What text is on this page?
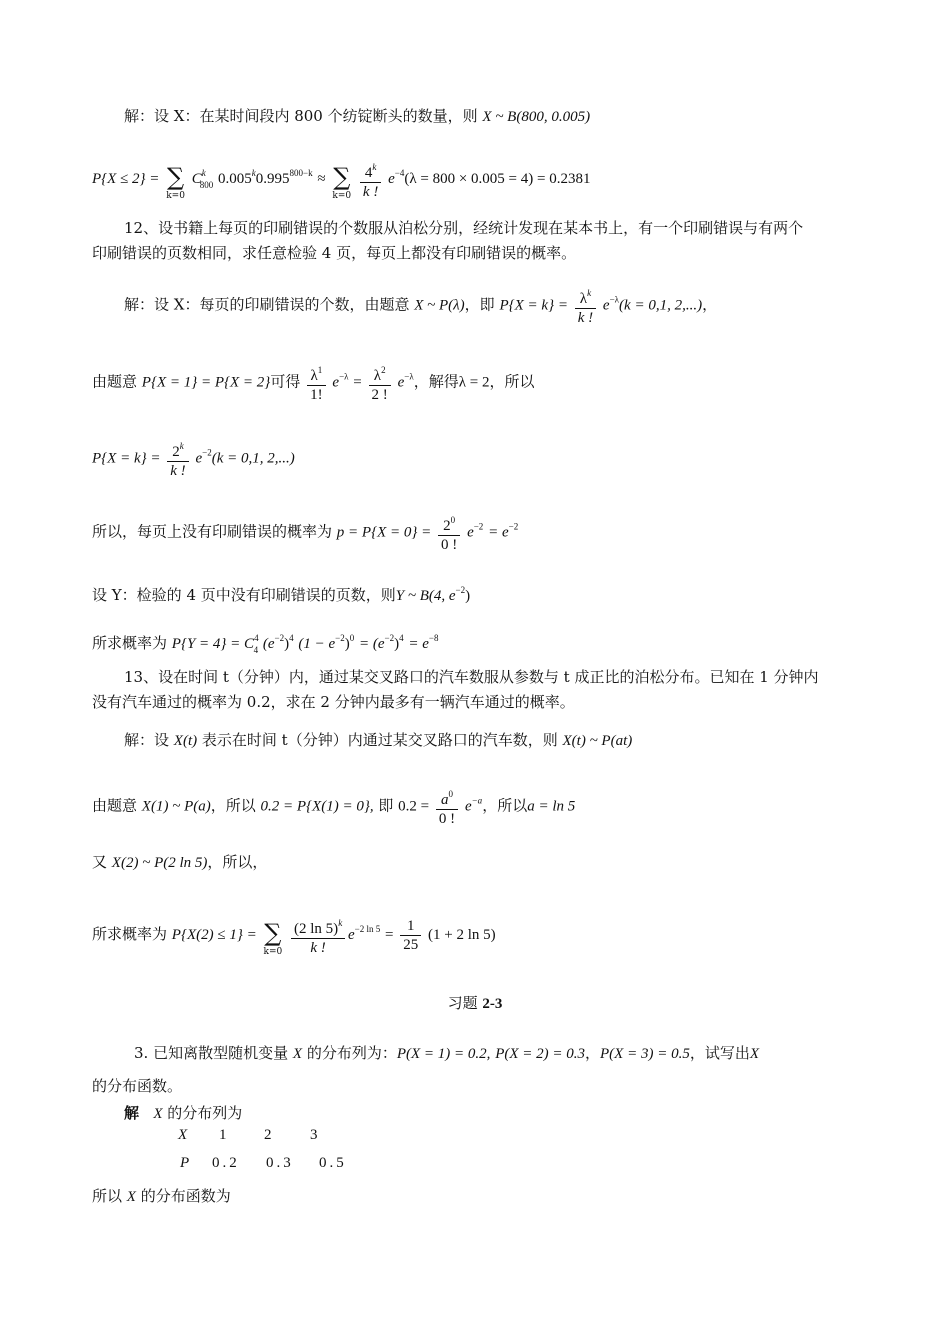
解：设 X：在某时间段内 800 个纺锭断头的数量，则 X ~ B(800, 0.005)
P{X ≤ 2} = ∑
k=0
$C^k_{800}$ $0.005^k0.995^{800-k}$ ≈ ∑
k=0
$\frac{4^k}{k !} e^{-4}(\lambda = 800 \times 0.005 = 4) = 0.2381$
12、设书籍上每页的印刷错误的个数服从泊松分别，经统计发现在某本书上，有一个印刷错误与有两个
印刷错误的页数相同，求任意检验 4 页，每页上都没有印刷错误的概率。
解：设 X：每页的印刷错误的个数，由题意 X ~ P(λ)，即 $P\{X = k\} = \frac{\lambda^k}{k !} e^{-\lambda}(k = 0,1$, 2,...)，
由题意 P{X = 1} = P{X = 2}可得 $\frac{\lambda^1}{1!} e^{-\lambda} = \frac{\lambda^2}{2 !} e^{-\lambda}$，解得λ = 2，所以
$P\{X = k\} = \frac{2^k}{k !} e^{-2}(k = 0,1$, 2,...)
所以，每页上没有印刷错误的概率为 $p = P\{X = 0\} = \frac{2^0}{0 !} e^{-2} = e^{-2}$
设 Y：检验的 4 页中没有印刷错误的页数，则Y ~ B(4, $e^{-2}$)
所求概率为 $P\{Y = 4\} = C^4_4$ $(e^{-2})^4$ $(1 - e^{-2})^0 = (e^{-2})^4 = e^{-8}$
13、设在时间 t（分钟）内，通过某交叉路口的汽车数服从参数与 t 成正比的泊松分布。已知在 1 分钟内
没有汽车通过的概率为 0.2，求在 2 分钟内最多有一辆汽车通过的概率。
解：设 X(t) 表示在时间 t（分钟）内通过某交叉路口的汽车数，则 X(t) ~ P(at)
由题意 X(1) ~ P(a)，所以 0.2 = P{X(1) = 0}, 即 $0.2 = \frac{a^0}{0 !} e^{-a}$，所以a = ln 5
又 X(2) ~ P(2 ln 5)，所以，
所求概率为 P{X(2) ≤ 1} = ∑
k=0
$\frac{(2 \ln 5)^k}{k !} e^{-2 ln 5} = \frac{1}{25} (1 + 2$ ln 5)
习题 2-3
3. 已知离散型随机变量 X 的分布列为：P(X = 1) = 0.2, P(X = 2) = 0.3，P(X = 3) = 0.5，试写出X
的分布函数。
解 X 的分布列为
X 1	2	3
P 0.2 0.3 0.5
所以 X 的分布函数为
